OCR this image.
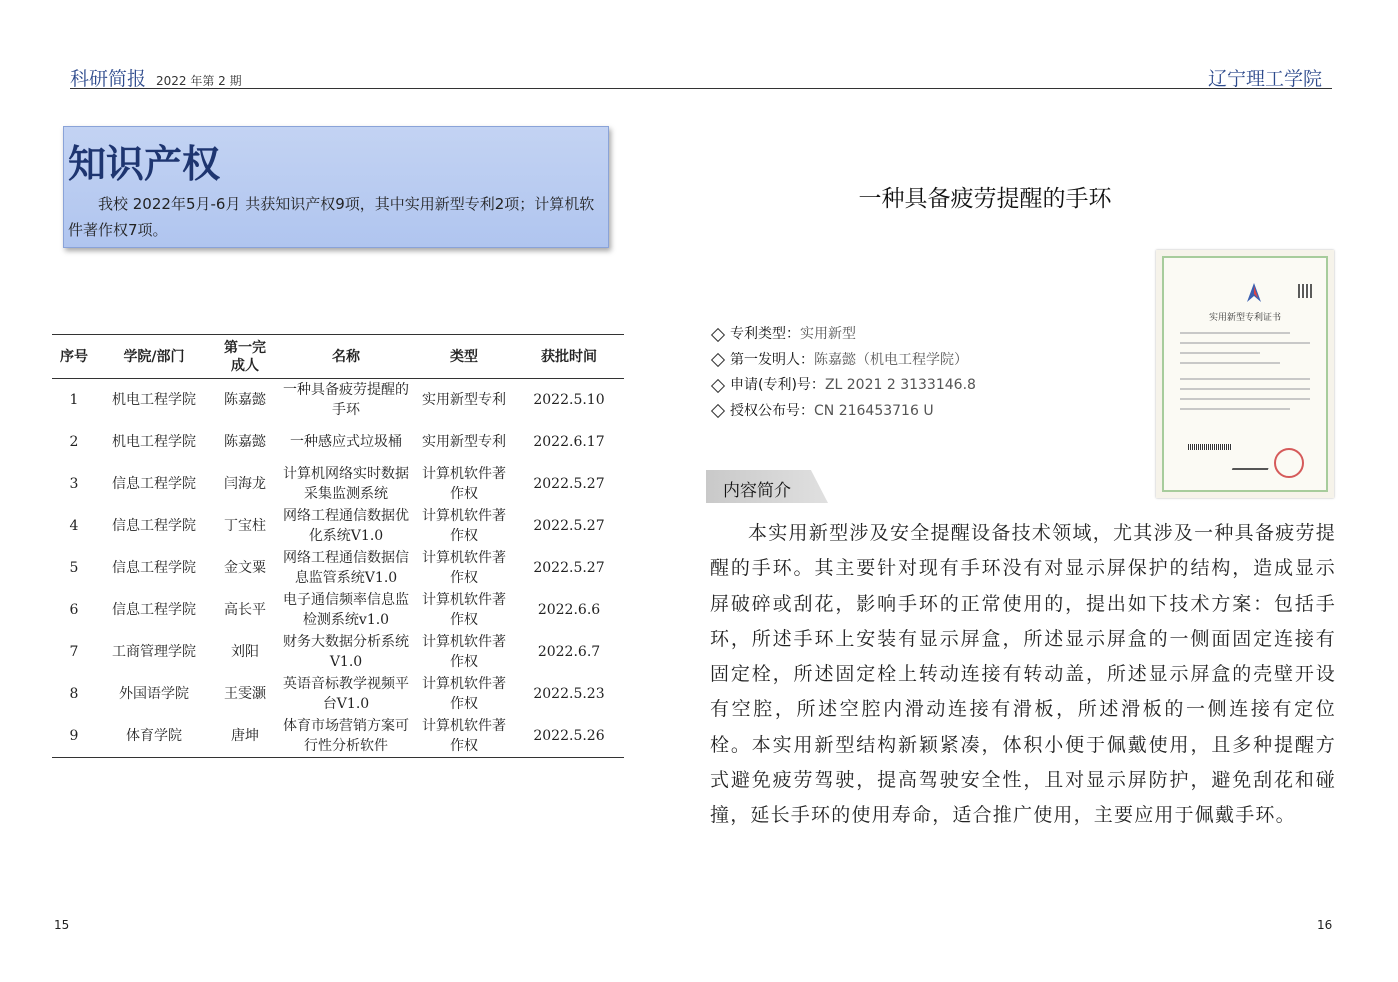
科研简报 2022 年第 2 期	辽宁理工学院
知识产权
我校 2022年5月-6月 共获知识产权9项，其中实用新型专利2项；计算机软件著作权7项。
序号	学院/部门	第一完成人	名称	类型	获批时间
1	机电工程学院	陈嘉懿	一种具备疲劳提醒的手环	实用新型专利	2022.5.10
2	机电工程学院	陈嘉懿	一种感应式垃圾桶	实用新型专利	2022.6.17
3	信息工程学院	闫海龙	计算机网络实时数据采集监测系统	计算机软件著作权	2022.5.27
4	信息工程学院	丁宝柱	网络工程通信数据优化系统V1.0	计算机软件著作权	2022.5.27
5	信息工程学院	金文粟	网络工程通信数据信息监管系统V1.0	计算机软件著作权	2022.5.27
6	信息工程学院	高长平	电子通信频率信息监检测系统v1.0	计算机软件著作权	2022.6.6
7	工商管理学院	刘阳	财务大数据分析系统V1.0	计算机软件著作权	2022.6.7
8	外国语学院	王雯灏	英语音标教学视频平台V1.0	计算机软件著作权	2022.5.23
9	体育学院	唐坤	体育市场营销方案可行性分析软件	计算机软件著作权	2022.5.26
15	16
一种具备疲劳提醒的手环
实用新型专利证书
专利类型： 实用新型
第一发明人： 陈嘉懿（机电工程学院）
申请(专利)号： ZL 2021 2 3133146.8
授权公布号： CN 216453716 U
内容简介
本实用新型涉及安全提醒设备技术领域，尤其涉及一种具备疲劳提醒的手环。其主要针对现有手环没有对显示屏保护的结构，造成显示屏破碎或刮花，影响手环的正常使用的，提出如下技术方案：包括手环，所述手环上安装有显示屏盒，所述显示屏盒的一侧面固定连接有固定栓，所述固定栓上转动连接有转动盖，所述显示屏盒的壳壁开设有空腔，所述空腔内滑动连接有滑板，所述滑板的一侧连接有定位栓。本实用新型结构新颖紧凑，体积小便于佩戴使用，且多种提醒方式避免疲劳驾驶，提高驾驶安全性，且对显示屏防护，避免刮花和碰撞，延长手环的使用寿命，适合推广使用，主要应用于佩戴手环。
